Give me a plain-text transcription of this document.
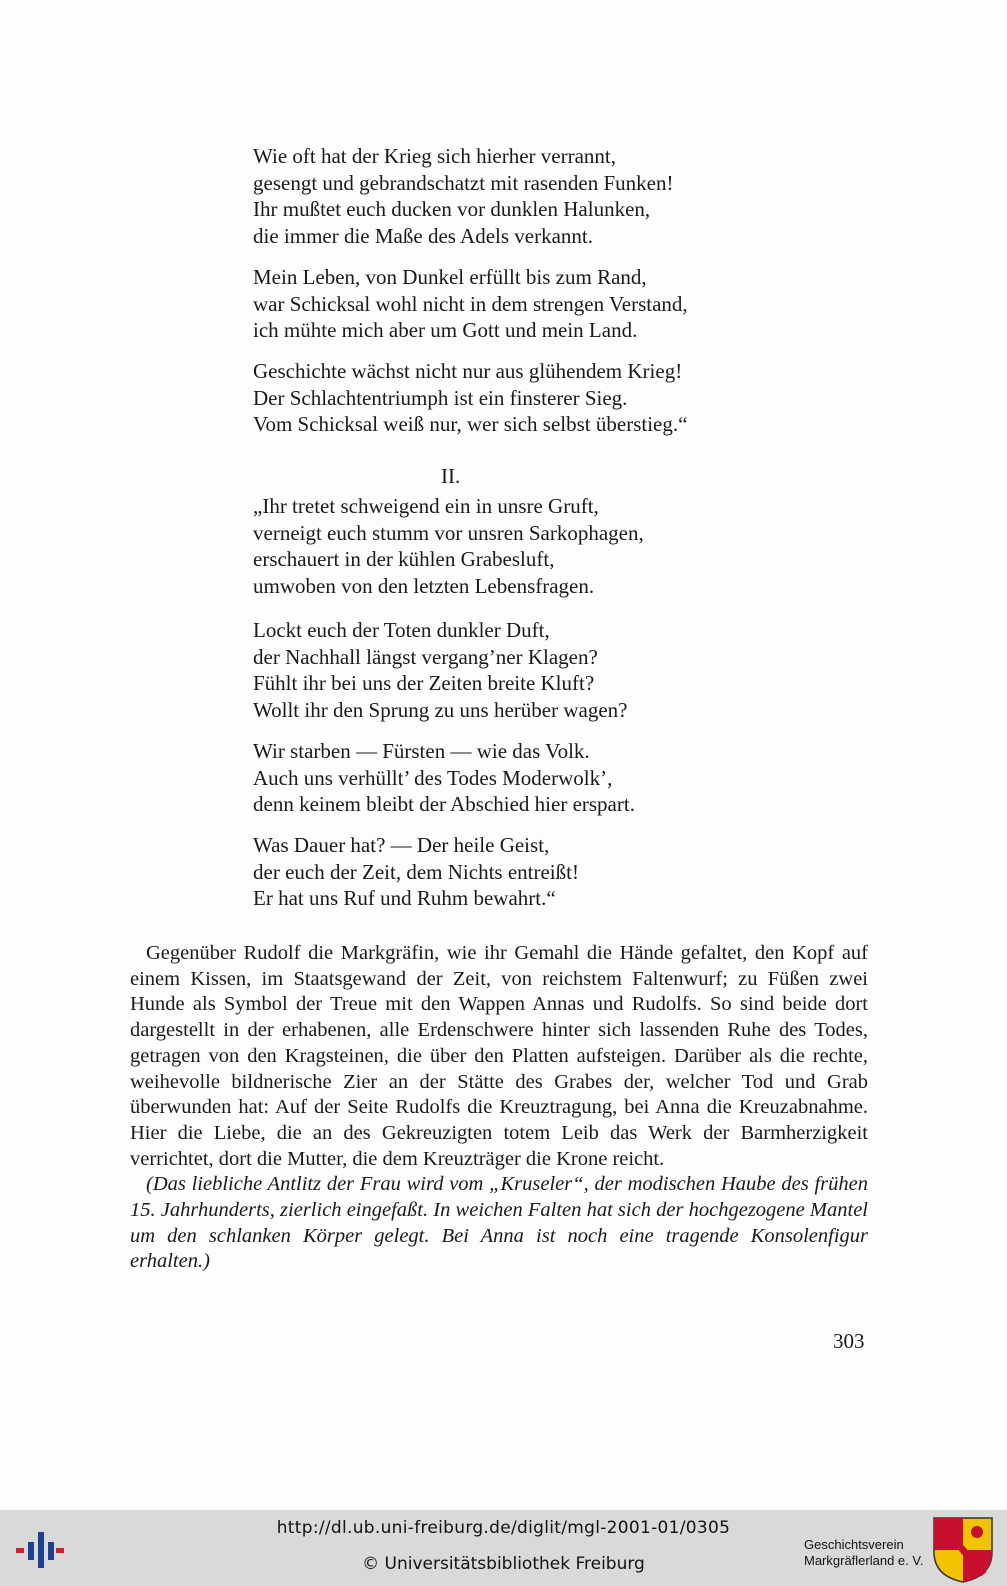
Wie oft hat der Krieg sich hierher verrannt,
gesengt und gebrandschatzt mit rasenden Funken!
Ihr mußtet euch ducken vor dunklen Halunken,
die immer die Maße des Adels verkannt.
Mein Leben, von Dunkel erfüllt bis zum Rand,
war Schicksal wohl nicht in dem strengen Verstand,
ich mühte mich aber um Gott und mein Land.
Geschichte wächst nicht nur aus glühendem Krieg!
Der Schlachtentriumph ist ein finsterer Sieg.
Vom Schicksal weiß nur, wer sich selbst überstieg.“
II.
„Ihr tretet schweigend ein in unsre Gruft,
verneigt euch stumm vor unsren Sarkophagen,
erschauert in der kühlen Grabesluft,
umwoben von den letzten Lebensfragen.
Lockt euch der Toten dunkler Duft,
der Nachhall längst vergang’ner Klagen?
Fühlt ihr bei uns der Zeiten breite Kluft?
Wollt ihr den Sprung zu uns herüber wagen?
Wir starben — Fürsten — wie das Volk.
Auch uns verhüllt’ des Todes Moderwolk’,
denn keinem bleibt der Abschied hier erspart.
Was Dauer hat? — Der heile Geist,
der euch der Zeit, dem Nichts entreißt!
Er hat uns Ruf und Ruhm bewahrt.“

Gegenüber Rudolf die Markgräfin, wie ihr Gemahl die Hände gefaltet, den Kopf auf einem Kissen, im Staatsgewand der Zeit, von reichstem Faltenwurf; zu Füßen zwei Hunde als Symbol der Treue mit den Wappen Annas und Rudolfs. So sind beide dort dargestellt in der erhabenen, alle Erdenschwere hinter sich lassenden Ruhe des Todes, getragen von den Kragsteinen, die über den Platten aufsteigen. Darüber als die rechte, weihevolle bildnerische Zier an der Stätte des Grabes der, welcher Tod und Grab überwunden hat: Auf der Seite Rudolfs die Kreuztragung, bei Anna die Kreuzabnahme. Hier die Liebe, die an des Gekreuzigten totem Leib das Werk der Barmherzigkeit verrichtet, dort die Mutter, die dem Kreuzträger die Krone reicht.

(Das liebliche Antlitz der Frau wird vom „Kruseler“, der modischen Haube des frühen 15. Jahrhunderts, zierlich eingefaßt. In weichen Falten hat sich der hochgezogene Mantel um den schlanken Körper gelegt. Bei Anna ist noch eine tragende Konsolenfigur erhalten.)

303
http://dl.ub.uni-freiburg.de/diglit/mgl-2001-01/0305
© Universitätsbibliothek Freiburg
Geschichtsverein
Markgräflerland e. V.
